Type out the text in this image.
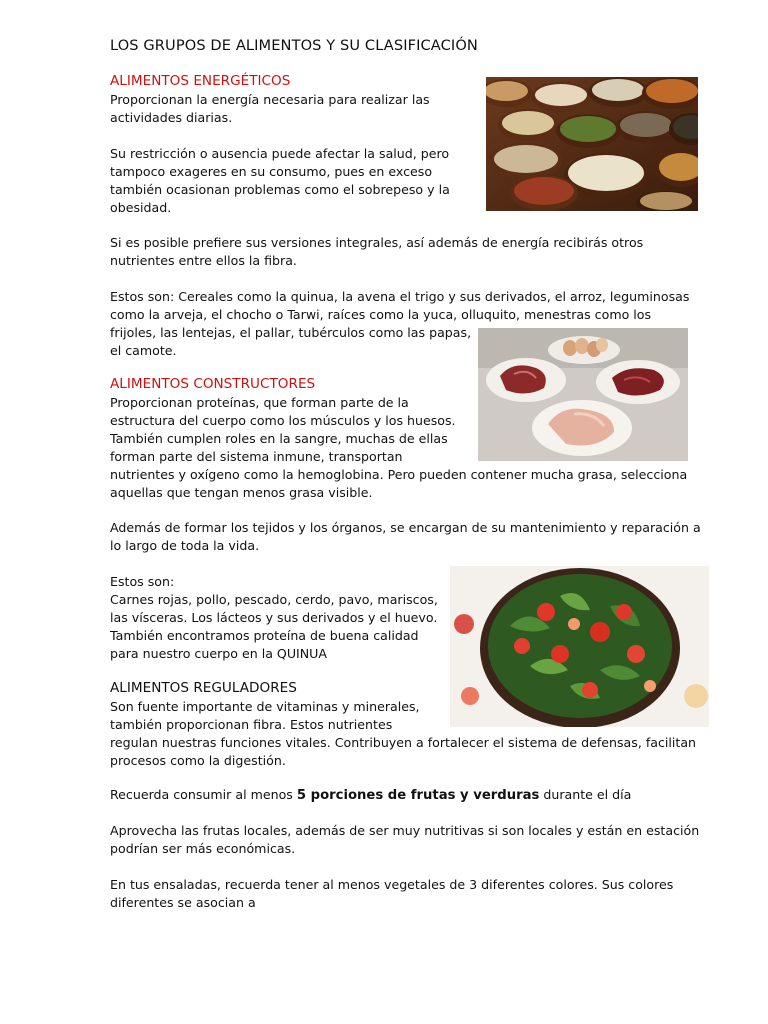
LOS GRUPOS DE ALIMENTOS Y SU CLASIFICACIÓN

ALIMENTOS ENERGÉTICOS

Proporcionan la energía necesaria para realizar las

actividades diarias.

Su restricción o ausencia puede afectar la salud, pero

tampoco exageres en su consumo, pues en exceso

también ocasionan problemas como el sobrepeso y la

obesidad.

Si es posible prefiere sus versiones integrales, así además de energía recibirás otros

nutrientes entre ellos la fibra.

Estos son: Cereales como la quinua, la avena el trigo y sus derivados, el arroz, leguminosas

como la arveja, el chocho o Tarwi, raíces como la yuca, olluquito, menestras como los

frijoles, las lentejas, el pallar, tubérculos como las papas,

el camote.

ALIMENTOS CONSTRUCTORES

Proporcionan proteínas, que forman parte de la

estructura del cuerpo como los músculos y los huesos.

También cumplen roles en la sangre, muchas de ellas

forman parte del sistema inmune, transportan

nutrientes y oxígeno como la hemoglobina. Pero pueden contener mucha grasa, selecciona

aquellas que tengan menos grasa visible.

Además de formar los tejidos y los órganos, se encargan de su mantenimiento y reparación a

lo largo de toda la vida.

Estos son:

Carnes rojas, pollo, pescado, cerdo, pavo, mariscos,

las vísceras. Los lácteos y sus derivados y el huevo.

También encontramos proteína de buena calidad

para nuestro cuerpo en la QUINUA

ALIMENTOS REGULADORES

Son fuente importante de vitaminas y minerales,

también proporcionan fibra. Estos nutrientes

regulan nuestras funciones vitales. Contribuyen a fortalecer el sistema de defensas, facilitan

procesos como la digestión.

Recuerda consumir al menos 5 porciones de frutas y verduras durante el día

Aprovecha las frutas locales, además de ser muy nutritivas si son locales y están en estación

podrían ser más económicas.

En tus ensaladas, recuerda tener al menos vegetales de 3 diferentes colores. Sus colores

diferentes se asocian a
